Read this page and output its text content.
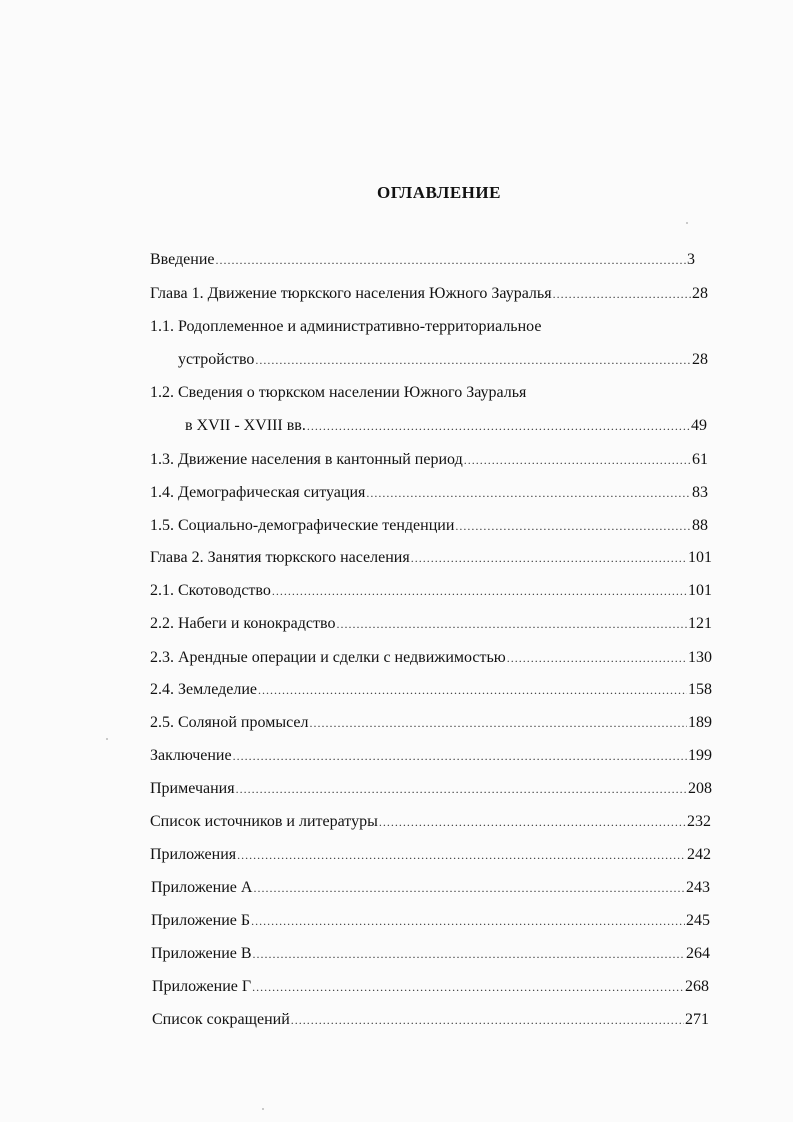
ОГЛАВЛЕНИЕ
Введение .....	3
Глава 1. Движение тюркского населения Южного Зауралья .....	28
1.1. Родоплеменное и административно-территориальное
устройство .....	28
1.2. Сведения о тюркском населении Южного Зауралья
в XVII - XVIII вв. .....	49
1.3. Движение населения в кантонный период .....	61
1.4. Демографическая ситуация .....	83
1.5. Социально-демографические тенденции .....	88
Глава 2. Занятия тюркского населения .....	101
2.1. Скотоводство .....	101
2.2. Набеги и конокрадство .....	121
2.3. Арендные операции и сделки с недвижимостью .....	130
2.4. Земледелие .....	158
2.5. Соляной промысел .....	189
Заключение .....	199
Примечания .....	208
Список источников и литературы .....	232
Приложения .....	242
Приложение А .....	243
Приложение Б .....	245
Приложение В .....	264
Приложение Г .....	268
Список сокращений .....	271
